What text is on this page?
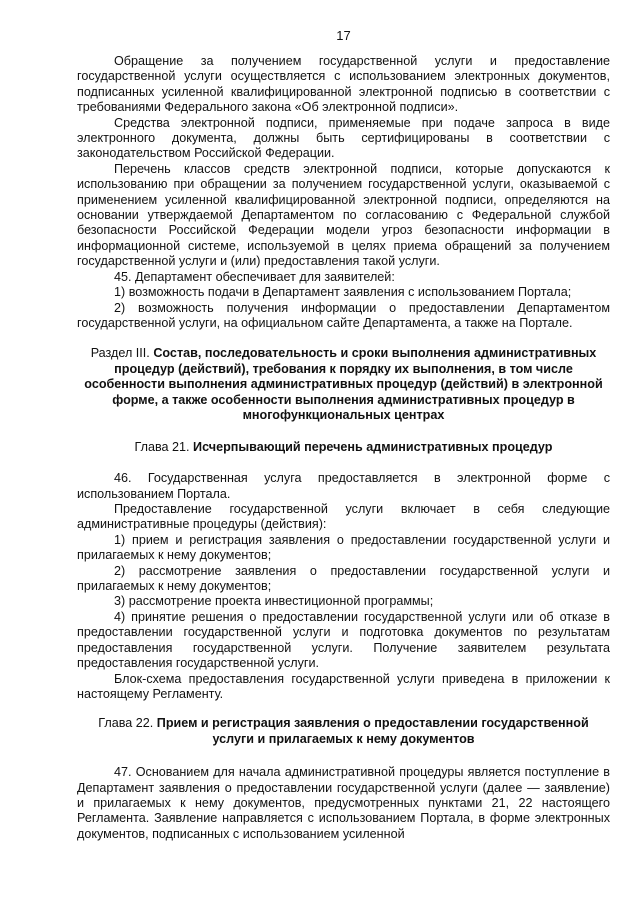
17

Обращение за получением государственной услуги и предоставление государственной услуги осуществляется с использованием электронных документов, подписанных усиленной квалифицированной электронной подписью в соответствии с требованиями Федерального закона «Об электронной подписи».

Средства электронной подписи, применяемые при подаче запроса в виде электронного документа, должны быть сертифицированы в соответствии с законодательством Российской Федерации.

Перечень классов средств электронной подписи, которые допускаются к использованию при обращении за получением государственной услуги, оказываемой с применением усиленной квалифицированной электронной подписи, определяются на основании утверждаемой Департаментом по согласованию с Федеральной службой безопасности Российской Федерации модели угроз безопасности информации в информационной системе, используемой в целях приема обращений за получением государственной услуги и (или) предоставления такой услуги.

45. Департамент обеспечивает для заявителей:

1) возможность подачи в Департамент заявления с использованием Портала;

2) возможность получения информации о предоставлении Департаментом государственной услуги, на официальном сайте Департамента, а также на Портале.

Раздел III. Состав, последовательность и сроки выполнения административных процедур (действий), требования к порядку их выполнения, в том числе особенности выполнения административных процедур (действий) в электронной форме, а также особенности выполнения административных процедур в многофункциональных центрах
Глава 21. Исчерпывающий перечень административных процедур

46. Государственная услуга предоставляется в электронной форме с использованием Портала.

Предоставление государственной услуги включает в себя следующие административные процедуры (действия):

1) прием и регистрация заявления о предоставлении государственной услуги и прилагаемых к нему документов;

2) рассмотрение заявления о предоставлении государственной услуги и прилагаемых к нему документов;

3) рассмотрение проекта инвестиционной программы;

4) принятие решения о предоставлении государственной услуги или об отказе в предоставлении государственной услуги и подготовка документов по результатам предоставления государственной услуги. Получение заявителем результата предоставления государственной услуги.

Блок-схема предоставления государственной услуги приведена в приложении к настоящему Регламенту.

Глава 22. Прием и регистрация заявления о предоставлении государственной услуги и прилагаемых к нему документов

47. Основанием для начала административной процедуры является поступление в Департамент заявления о предоставлении государственной услуги (далее — заявление) и прилагаемых к нему документов, предусмотренных пунктами 21, 22 настоящего Регламента. Заявление направляется с использованием Портала, в форме электронных документов, подписанных с использованием усиленной
